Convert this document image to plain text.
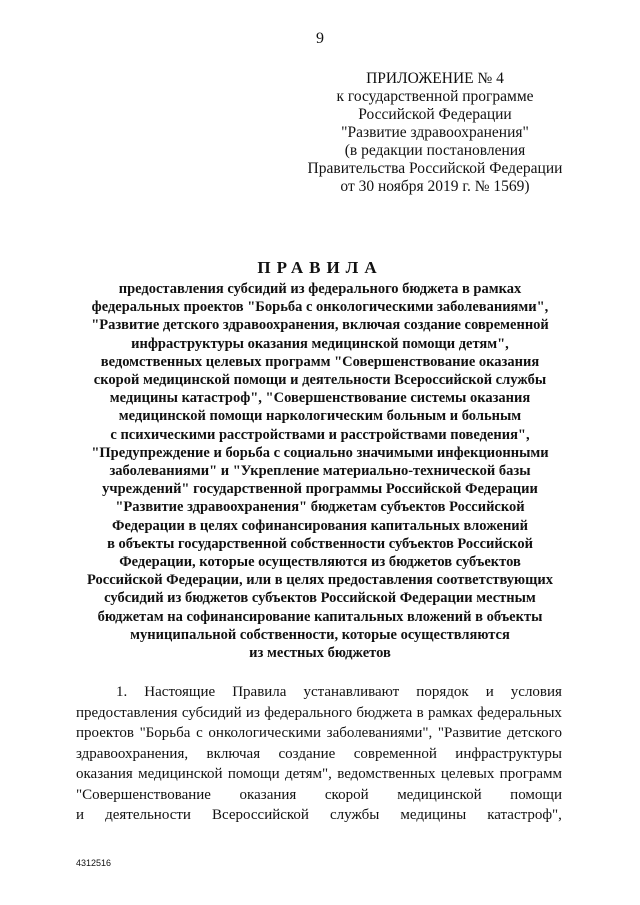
9
ПРИЛОЖЕНИЕ № 4
к государственной программе
Российской Федерации
"Развитие здравоохранения"
(в редакции постановления
Правительства Российской Федерации
от 30 ноября 2019 г. № 1569)
ПРАВИЛА
предоставления субсидий из федерального бюджета в рамках
федеральных проектов "Борьба с онкологическими заболеваниями",
"Развитие детского здравоохранения, включая создание современной
инфраструктуры оказания медицинской помощи детям",
ведомственных целевых программ "Совершенствование оказания
скорой медицинской помощи и деятельности Всероссийской службы
медицины катастроф", "Совершенствование системы оказания
медицинской помощи наркологическим больным и больным
с психическими расстройствами и расстройствами поведения",
"Предупреждение и борьба с социально значимыми инфекционными
заболеваниями" и "Укрепление материально-технической базы
учреждений" государственной программы Российской Федерации
"Развитие здравоохранения" бюджетам субъектов Российской
Федерации в целях софинансирования капитальных вложений
в объекты государственной собственности субъектов Российской
Федерации, которые осуществляются из бюджетов субъектов
Российской Федерации, или в целях предоставления соответствующих
субсидий из бюджетов субъектов Российской Федерации местным
бюджетам на софинансирование капитальных вложений в объекты
муниципальной собственности, которые осуществляются
из местных бюджетов
1. Настоящие Правила устанавливают порядок и условия
предоставления субсидий из федерального бюджета в рамках федеральных
проектов "Борьба с онкологическими заболеваниями", "Развитие детского
здравоохранения, включая создание современной инфраструктуры
оказания медицинской помощи детям", ведомственных целевых программ
"Совершенствование оказания скорой медицинской помощи
и деятельности Всероссийской службы медицины катастроф",
4312516
